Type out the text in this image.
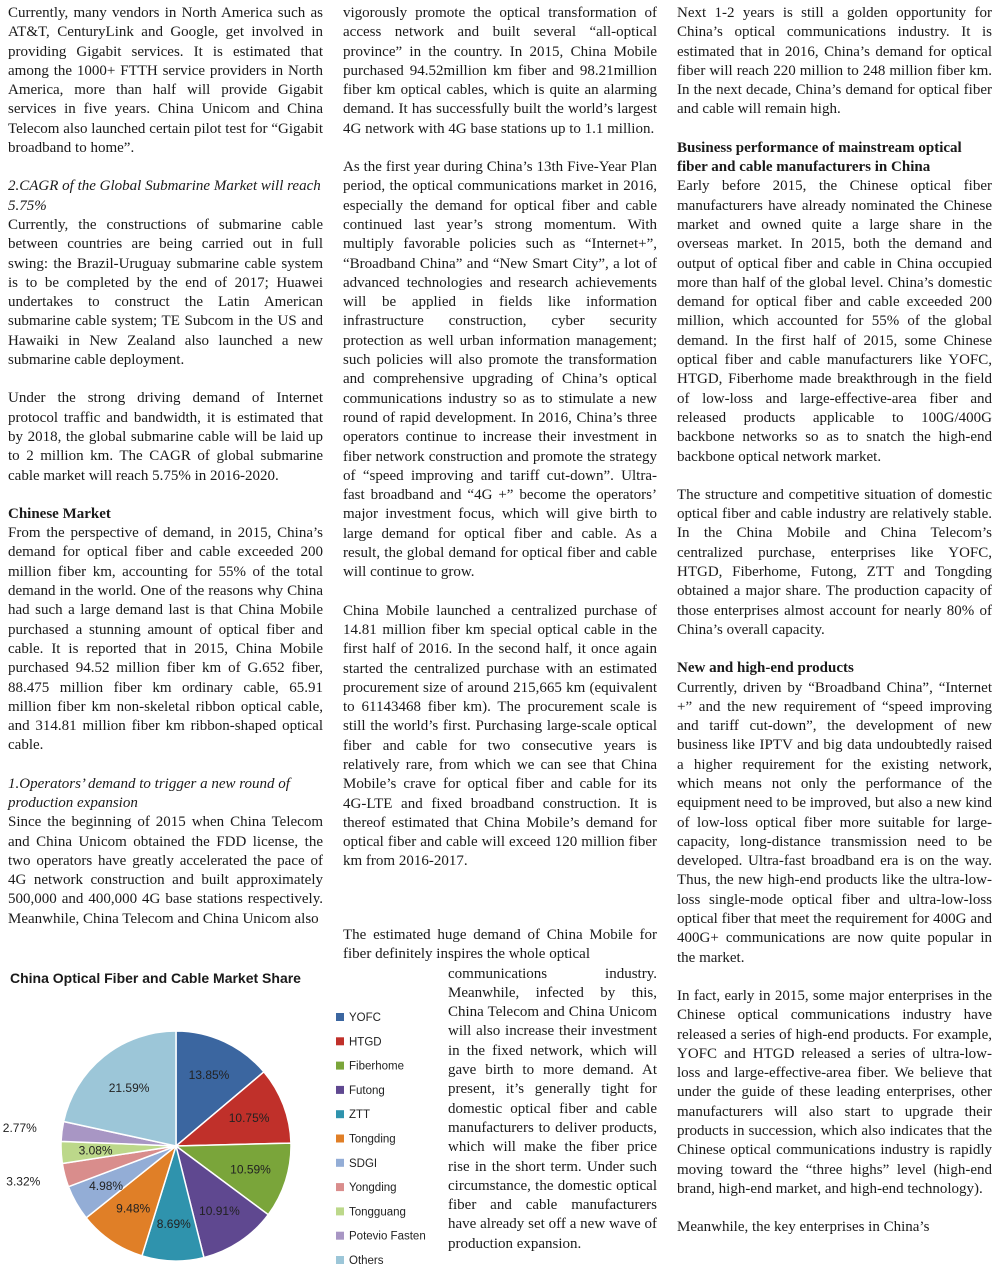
Currently, many vendors in North America such as AT&T, CenturyLink and Google, get involved in providing Gigabit services. It is estimated that among the 1000+ FTTH service providers in North America, more than half will provide Gigabit services in five years. China Unicom and China Telecom also launched certain pilot test for “Gigabit broadband to home”.

2.CAGR of the Global Submarine Market will reach 5.75%

Currently, the constructions of submarine cable between countries are being carried out in full swing: the Brazil-Uruguay submarine cable system is to be completed by the end of 2017; Huawei undertakes to construct the Latin American submarine cable system; TE Subcom in the US and Hawaiki in New Zealand also launched a new submarine cable deployment.

Under the strong driving demand of Internet protocol traffic and bandwidth, it is estimated that by 2018, the global submarine cable will be laid up to 2 million km. The CAGR of global submarine cable market will reach 5.75% in 2016-2020.

Chinese Market

From the perspective of demand, in 2015, China’s demand for optical fiber and cable exceeded 200 million fiber km, accounting for 55% of the total demand in the world. One of the reasons why China had such a large demand last is that China Mobile purchased a stunning amount of optical fiber and cable. It is reported that in 2015, China Mobile purchased 94.52 million fiber km of G.652 fiber, 88.475 million fiber km ordinary cable, 65.91 million fiber km non-skeletal ribbon optical cable, and 314.81 million fiber km ribbon-shaped optical cable.

1.Operators’ demand to trigger a new round of production expansion

Since the beginning of 2015 when China Telecom and China Unicom obtained the FDD license, the two operators have greatly accelerated the pace of 4G network construction and built approximately 500,000 and 400,000 4G base stations respectively. Meanwhile, China Telecom and China Unicom also

vigorously promote the optical transformation of access network and built several “all-optical province” in the country. In 2015, China Mobile purchased 94.52million km fiber and 98.21million fiber km optical cables, which is quite an alarming demand. It has successfully built the world’s largest 4G network with 4G base stations up to 1.1 million.

As the first year during China’s 13th Five-Year Plan period, the optical communications market in 2016, especially the demand for optical fiber and cable continued last year’s strong momentum. With multiply favorable policies such as “Internet+”, “Broadband China” and “New Smart City”, a lot of advanced technologies and research achievements will be applied in fields like information infrastructure construction, cyber security protection as well urban information management; such policies will also promote the transformation and comprehensive upgrading of China’s optical communications industry so as to stimulate a new round of rapid development. In 2016, China’s three operators continue to increase their investment in fiber network construction and promote the strategy of “speed improving and tariff cut-down”. Ultra-fast broadband and “4G +” become the operators’ major investment focus, which will give birth to large demand for optical fiber and cable. As a result, the global demand for optical fiber and cable will continue to grow.

China Mobile launched a centralized purchase of 14.81 million fiber km special optical cable in the first half of 2016. In the second half, it once again started the centralized purchase with an estimated procurement size of around 215,665 km (equivalent to 61143468 fiber km). The procurement scale is still the world’s first. Purchasing large-scale optical fiber and cable for two consecutive years is relatively rare, from which we can see that China Mobile’s crave for optical fiber and cable for its 4G-LTE and fixed broadband construction. It is thereof estimated that China Mobile’s demand for optical fiber and cable will exceed 120 million fiber km from 2016-2017.

The estimated huge demand of China Mobile for fiber definitely inspires the whole optical

communications industry. Meanwhile, infected by this, China Telecom and China Unicom will also increase their investment in the fixed network, which will gave birth to more demand. At present, it’s generally tight for domestic optical fiber and cable manufacturers to deliver products, which will make the fiber price rise in the short term. Under such circumstance, the domestic optical fiber and cable manufacturers have already set off a new wave of production expansion.

Next 1-2 years is still a golden opportunity for China’s optical communications industry. It is estimated that in 2016, China’s demand for optical fiber will reach 220 million to 248 million fiber km. In the next decade, China’s demand for optical fiber and cable will remain high.

Business performance of mainstream optical fiber and cable manufacturers in China

Early before 2015, the Chinese optical fiber manufacturers have already nominated the Chinese market and owned quite a large share in the overseas market. In 2015, both the demand and output of optical fiber and cable in China occupied more than half of the global level. China’s domestic demand for optical fiber and cable exceeded 200 million, which accounted for 55% of the global demand. In the first half of 2015, some Chinese optical fiber and cable manufacturers like YOFC, HTGD, Fiberhome made breakthrough in the field of low-loss and large-effective-area fiber and released products applicable to 100G/400G backbone networks so as to snatch the high-end backbone optical network market.

The structure and competitive situation of domestic optical fiber and cable industry are relatively stable. In the China Mobile and China Telecom’s centralized purchase, enterprises like YOFC, HTGD, Fiberhome, Futong, ZTT and Tongding obtained a major share. The production capacity of those enterprises almost account for nearly 80% of China’s overall capacity.

New and high-end products

Currently, driven by “Broadband China”, “Internet +” and the new requirement of “speed improving and tariff cut-down”, the development of new business like IPTV and big data undoubtedly raised a higher requirement for the existing network, which means not only the performance of the equipment need to be improved, but also a new kind of low-loss optical fiber more suitable for large-capacity, long-distance transmission need to be developed. Ultra-fast broadband era is on the way. Thus, the new high-end products like the ultra-low-loss single-mode optical fiber and ultra-low-loss optical fiber that meet the requirement for 400G and 400G+ communications are now quite popular in the market.

In fact, early in 2015, some major enterprises in the Chinese optical communications industry have released a series of high-end products. For example, YOFC and HTGD released a series of ultra-low-loss and large-effective-area fiber. We believe that under the guide of these leading enterprises, other manufacturers will also start to upgrade their products in succession, which also indicates that the Chinese optical communications industry is rapidly moving toward the “three highs” level (high-end brand, high-end market, and high-end technology).

Meanwhile, the key enterprises in China’s

China Optical Fiber and Cable Market Share
13.85%
10.75%
10.59%
10.91%
8.69%
9.48%
4.98%
3.32%
3.08%
2.77%
21.59%
YOFC
HTGD
Fiberhome
Futong
ZTT
Tongding
SDGI
Yongding
Tongguang
Potevio Fasten
Others
